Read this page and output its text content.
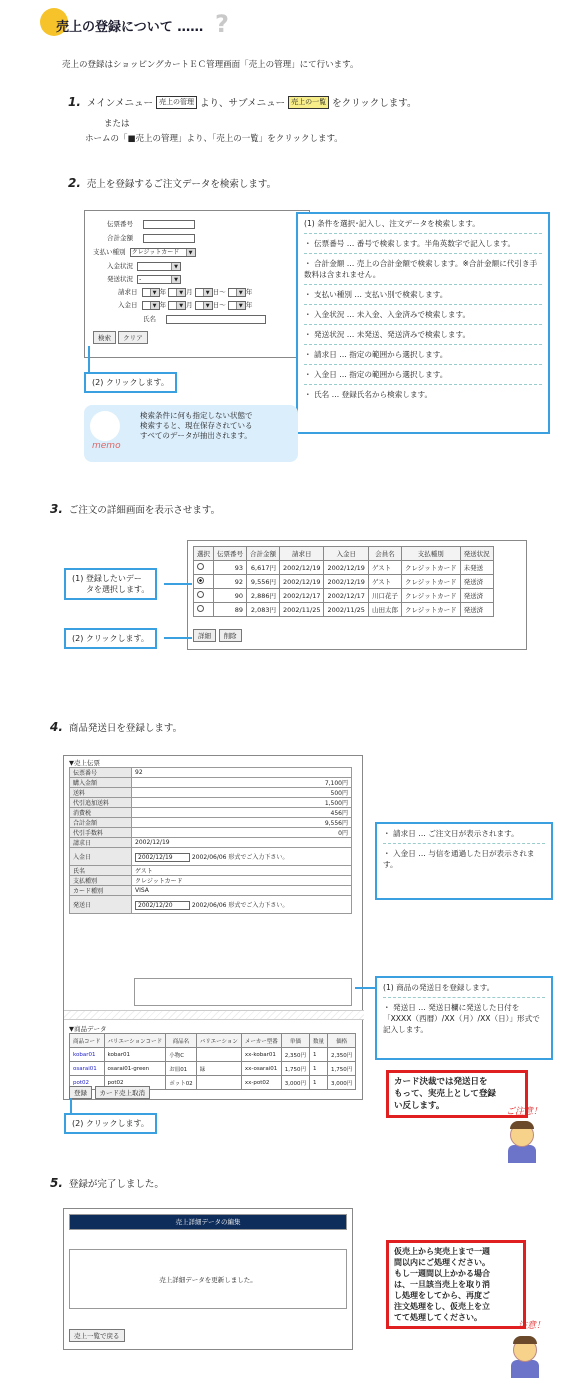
売上の登録について …… ?
売上の登録はショッピングカートＥＣ管理画面「売上の管理」にて行います。
1. メインメニュー 売上の管理 より、サブメニュー 売上の一覧 をクリックします。
または
ホームの「■売上の管理」より、「売上の一覧」をクリックします。
2. 売上を登録するご注文データを検索します。
伝票番号
合計金額
支払い種別 クレジットカード ▼
入金状況 ▼
発送状況 - ▼
請求日 ▼	年 ▼	月 ▼	日～ ▼	年
入金日 ▼	年 ▼	月 ▼	日～ ▼	年
氏名
検索 クリア

(1) 条件を選択･記入し、注文データを検索します。

・ 伝票番号 … 番号で検索します。半角英数字で記入します。

・ 合計金額 … 売上の合計金額で検索します。※合計金額に代引き手数料は含まれません。

・ 支払い種別 … 支払い別で検索します。

・ 入金状況 … 未入金、入金済みで検索します。

・ 発送状況 … 未発送、発送済みで検索します。

・ 請求日 … 指定の範囲から選択します。

・ 入金日 … 指定の範囲から選択します。

・ 氏名 … 登録氏名から検索します。

(2) クリックします。
memo
検索条件に何も指定しない状態で
検索すると、現在保存されている
すべてのデータが抽出されます。
3. ご注文の詳細画面を表示させます。
選択	伝票番号	合計金額	請求日	入金日	会員名	支払種別	発送状況
	93	6,617円	2002/12/19	2002/12/19	ゲスト	クレジットカード	未発送
	92	9,556円	2002/12/19	2002/12/19	ゲスト	クレジットカード	発送済
	90	2,886円	2002/12/17	2002/12/17	川口花子	クレジットカード	発送済
	89	2,083円	2002/11/25	2002/11/25	山田太郎	クレジットカード	発送済
詳細 削除
(1) 登録したいデー
タを選択します。
(2) クリックします。
4. 商品発送日を登録します。
▼売上伝票
伝票番号	92
購入金額	7,100円
送料	500円
代引追加送料	1,500円
消費税	456円
合計金額	9,556円
代引手数料	0円
請求日	2002/12/19
入金日	2002/12/19 2002/06/06 形式でご入力下さい。
氏名	ゲスト
支払種別	クレジットカード
カード種別	VISA
発送日	2002/12/20 2002/06/06 形式でご入力下さい。
▼商品データ
商品コード	バリエーションコード	商品名	バリエーション	メーカー型番	単価	数量	価格
kobar01	kobar01	小物C		xx-kobar01	2,350円	1	2,350円
osarai01	osarai01-green	お皿01	緑	xx-osarai01	1,750円	1	1,750円
pot02	pot02	ポット02		xx-pot02	3,000円	1	3,000円
登録 カード売上取消

・ 請求日 … ご注文日が表示されます。

・ 入金日 … 与信を通過した日が表示されます。

(1) 商品の発送日を登録します。

・ 発送日 … 発送日欄に発送した日付を「XXXX（西暦）/XX（月）/XX（日）」形式で記入します。

(2) クリックします。
カード決裁では発送日を
もって、実売上として登録
い反します。
ご注意！
5. 登録が完了しました。
売上詳細データの編集
売上詳細データを更新しました。
売上一覧で戻る
仮売上から実売上まで一週
間以内にご処理ください。
もし一週間以上かかる場合
は、一旦該当売上を取り消
し処理をしてから、再度ご
注文処理をし、仮売上を立
てて処理してください。
注意！
